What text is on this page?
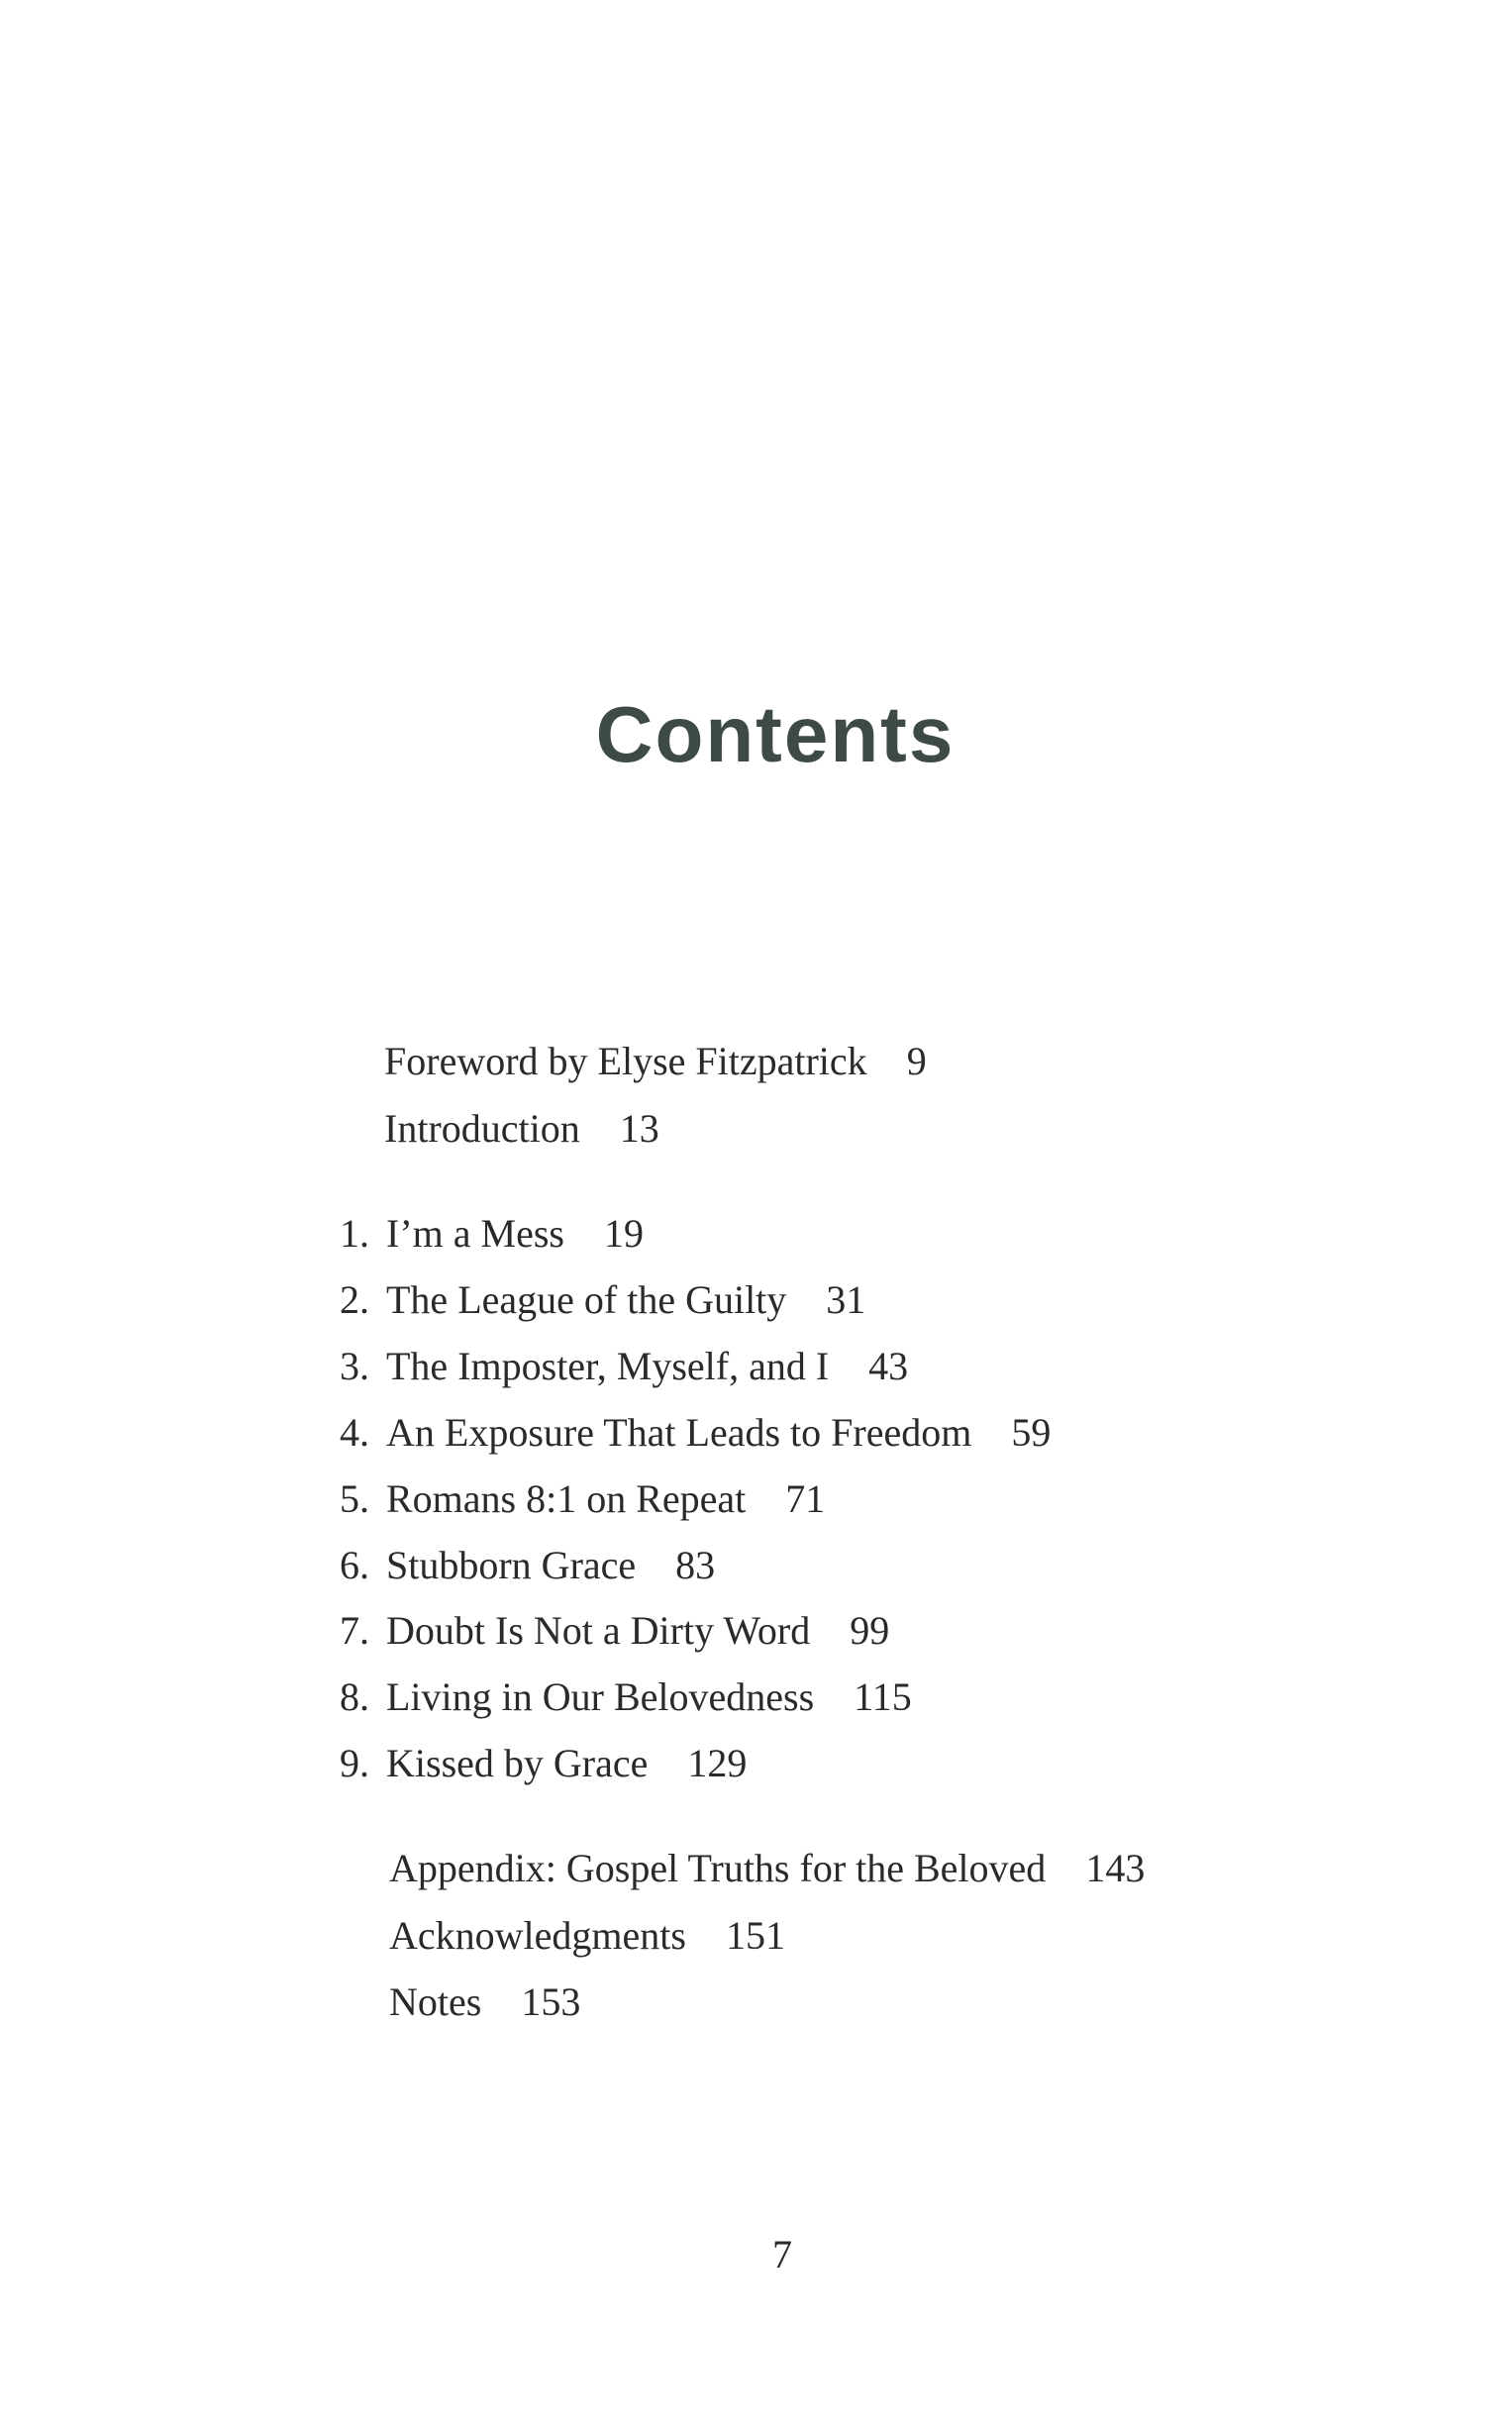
Contents
Foreword by Elyse Fitzpatrick 9
Introduction 13
1. I’m a Mess 19
2. The League of the Guilty 31
3. The Imposter, Myself, and I 43
4. An Exposure That Leads to Freedom 59
5. Romans 8:1 on Repeat 71
6. Stubborn Grace 83
7. Doubt Is Not a Dirty Word 99
8. Living in Our Belovedness 115
9. Kissed by Grace 129
Appendix: Gospel Truths for the Beloved 143
Acknowledgments 151
Notes 153
7
